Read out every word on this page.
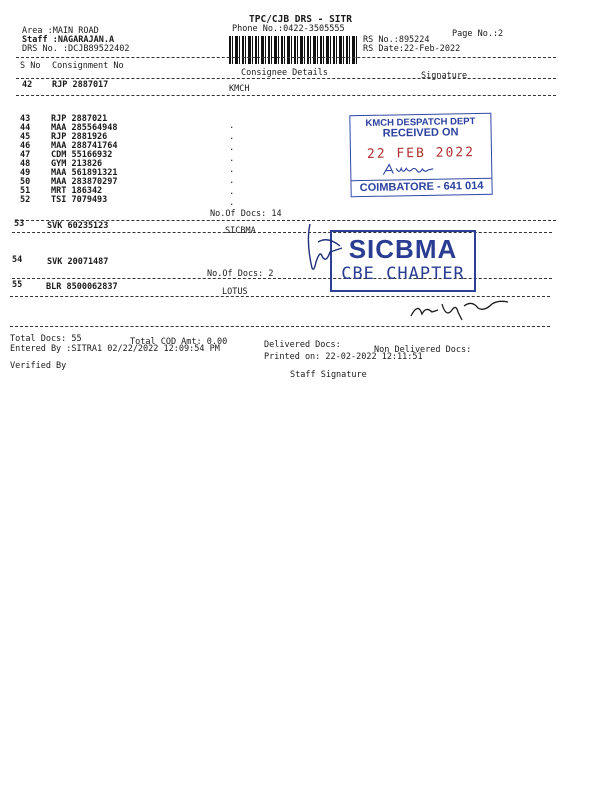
TPC/CJB DRS - SITR
Phone No.:0422-3505555
Area :MAIN ROAD
Staff :NAGARAJAN.A
DRS No. :DCJB89522402
RS No.:895224
RS Date:22-Feb-2022
Page No.:2
S No Consignment No
Consignee Details	Signature
42 RJP 2887017	KMCH
43 RJP 2887021
44 MAA 285564948
45 RJP 2881926
46 MAA 288741764
47 CDM 55166932
48 GYM 213826
49 MAA 561891321
50 MAA 283870297
51 MRT 186342
52 TSI 7079493
.
.
.
.
.
.
.
.
No.Of Docs: 14
53	SVK 60235123	SICBMA
54	SVK 20071487
No.Of Docs: 2
55	BLR 8500062837	LOTUS
KMCH DESPATCH DEPT
RECEIVED ON
22 FEB 2022
COIMBATORE - 641 014
SICBMA
CBE CHAPTER
Total Docs: 55	Total COD Amt: 0.00	Delivered Docs:	Non Delivered Docs:
Entered By :SITRA1 02/22/2022 12:09:54 PM
Printed on: 22-02-2022 12:11:51
Verified By
Staff Signature
